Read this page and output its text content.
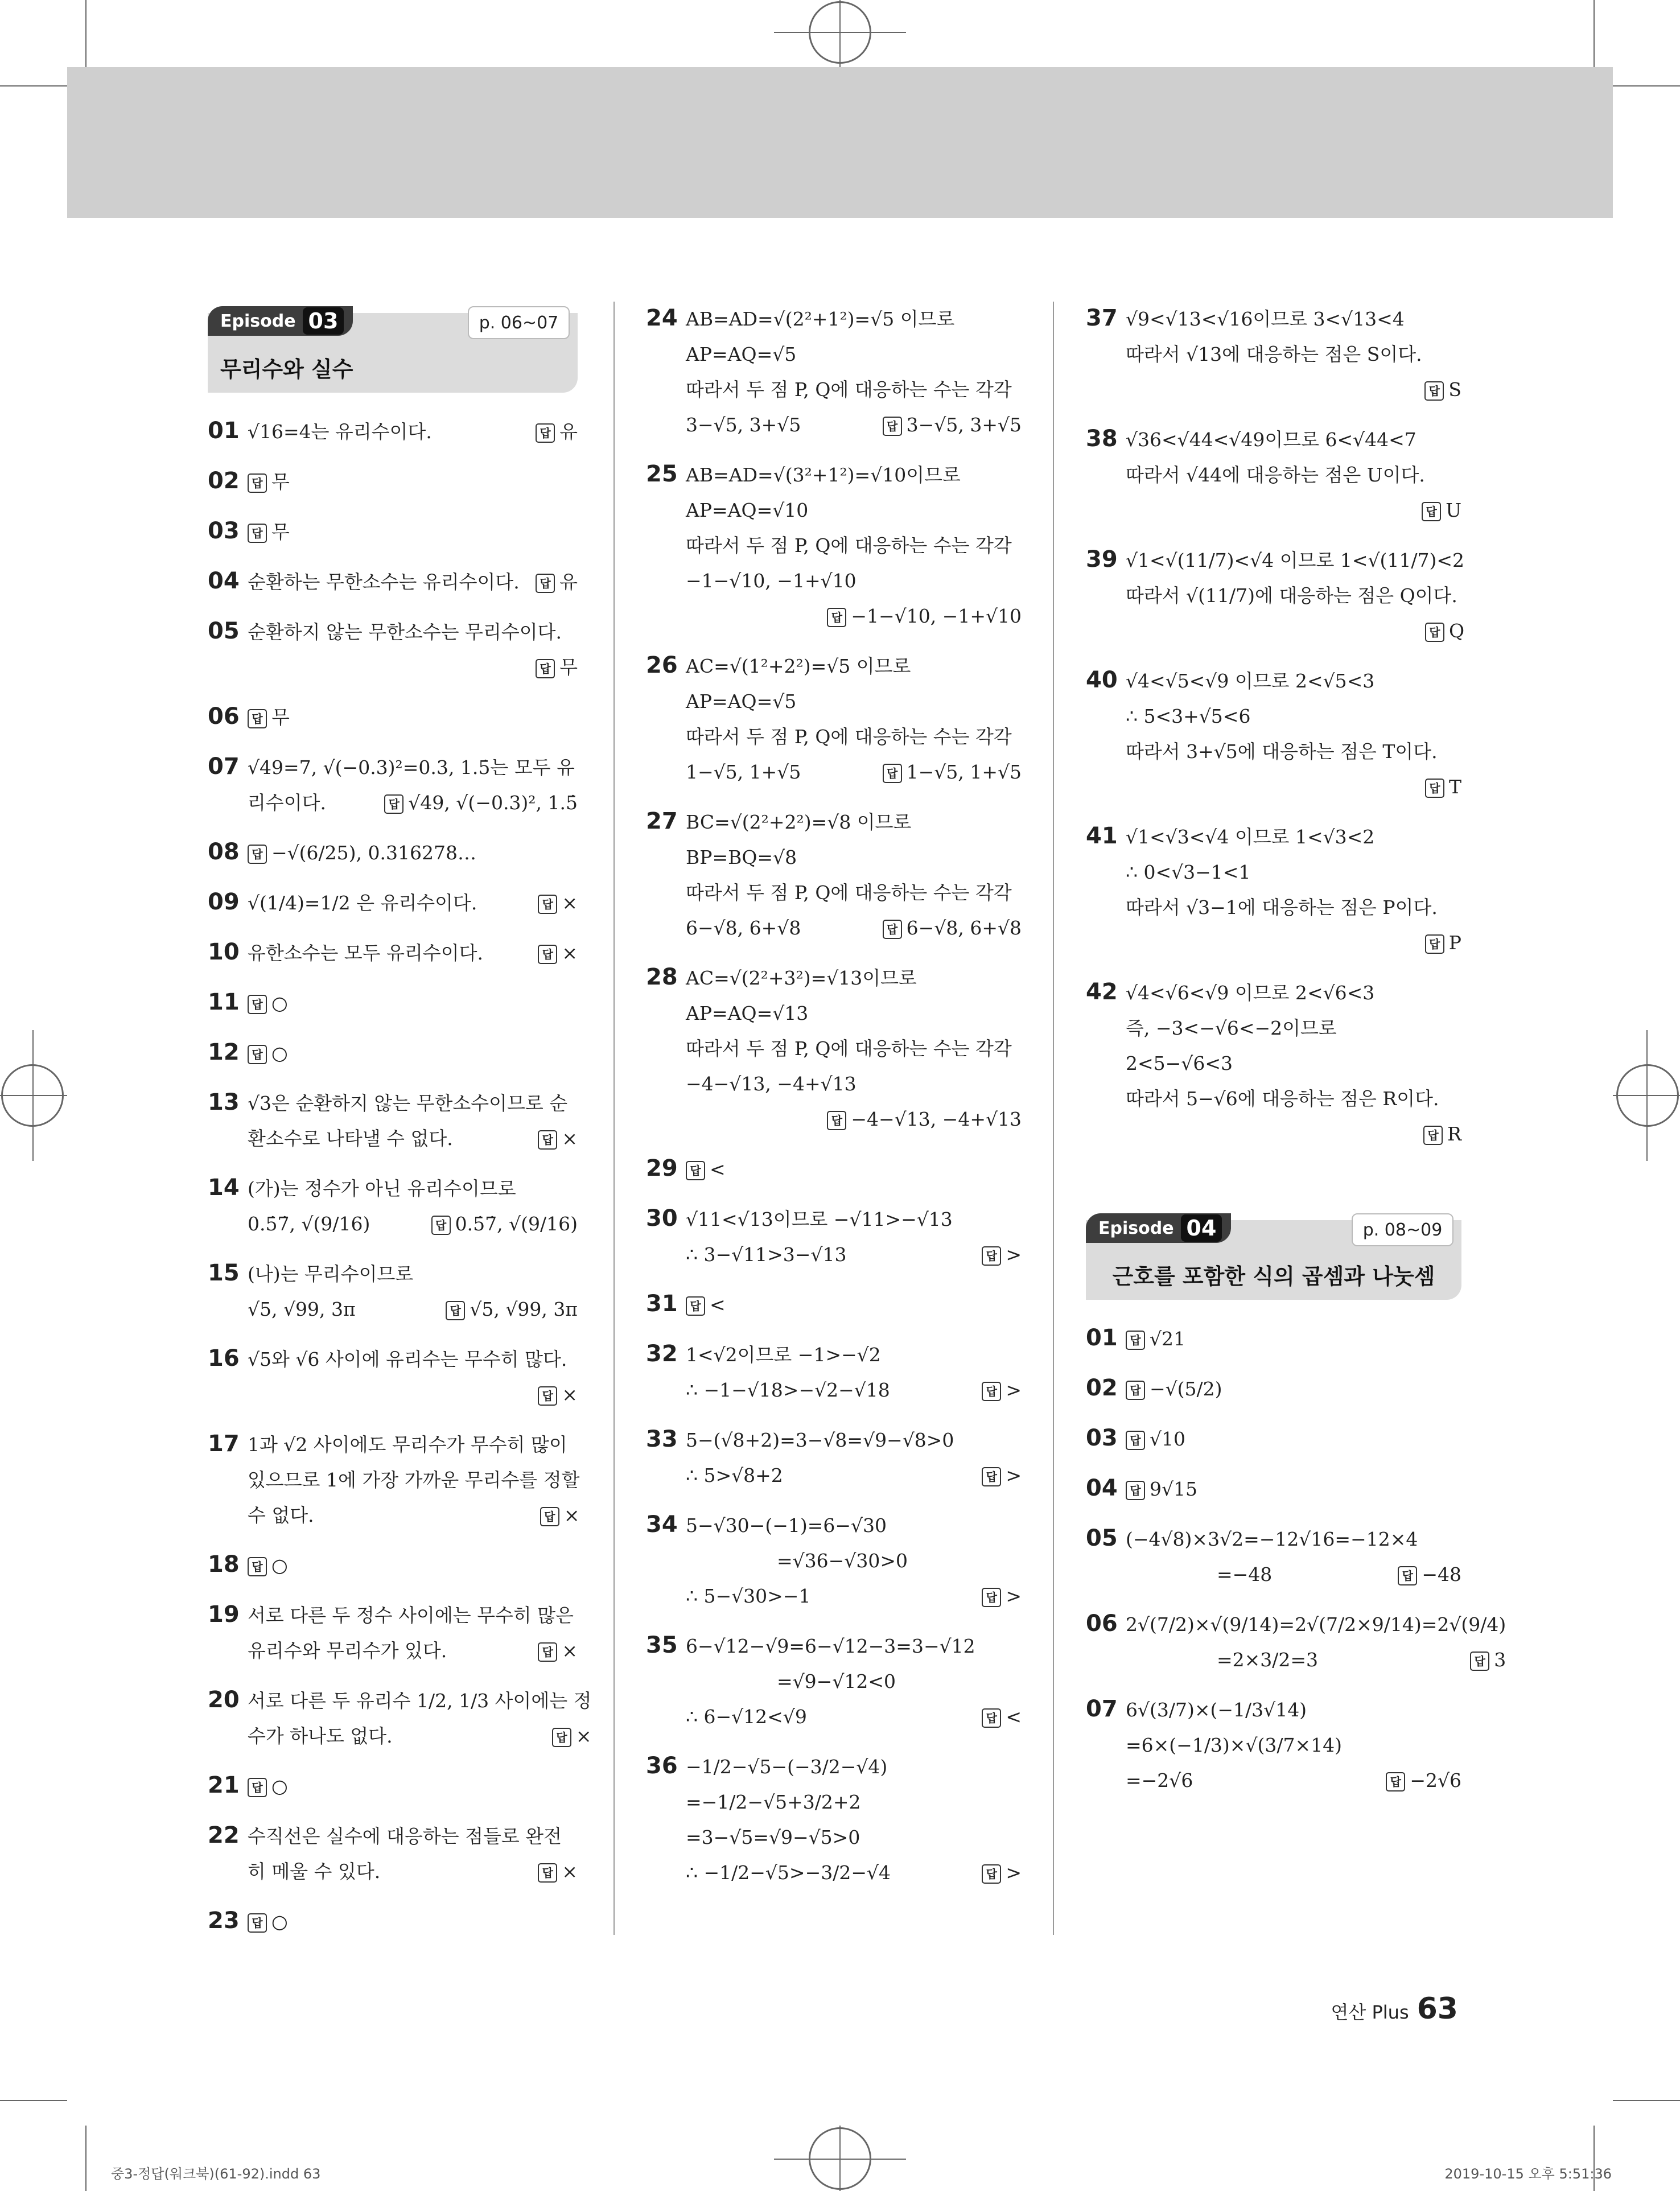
Episode 03	p. 06~07
무리수와 실수
01 √16=4는 유리수이다.	답 유
02	답 무
03	답 무
04 순환하는 무한소수는 유리수이다.	답 유
05 순환하지 않는 무한소수는 무리수이다.
답 무
06	답 무
07 √49=7, √(−0.3)²=0.3, 1.5̇는 모두 유
리수이다.	답 √49, √(−0.3)², 1.5̇
08	답 −√(6/25), 0.316278…
09 √(1/4)=1/2 은 유리수이다.	답 ×
10 유한소수는 모두 유리수이다.	답 ×
11	답 ○
12	답 ○
13 √3은 순환하지 않는 무한소수이므로 순
환소수로 나타낼 수 없다.	답 ×
14 (가)는 정수가 아닌 유리수이므로
0.5̇7̇, √(9/16)	답 0.5̇7̇, √(9/16)
15 (나)는 무리수이므로
√5, √99, 3π	답 √5, √99, 3π
16 √5와 √6 사이에 유리수는 무수히 많다.
답 ×
17 1과 √2 사이에도 무리수가 무수히 많이
있으므로 1에 가장 가까운 무리수를 정할
수 없다.	답 ×
18	답 ○
19 서로 다른 두 정수 사이에는 무수히 많은
유리수와 무리수가 있다.	답 ×
20 서로 다른 두 유리수 1/2, 1/3 사이에는 정
수가 하나도 없다.	답 ×
21	답 ○
22 수직선은 실수에 대응하는 점들로 완전
히 메울 수 있다.	답 ×
23	답 ○
24 AB=AD=√(2²+1²)=√5 이므로
AP=AQ=√5
따라서 두 점 P, Q에 대응하는 수는 각각
3−√5, 3+√5	답 3−√5, 3+√5
25 AB=AD=√(3²+1²)=√10이므로
AP=AQ=√10
따라서 두 점 P, Q에 대응하는 수는 각각
−1−√10, −1+√10
답 −1−√10, −1+√10
26 AC=√(1²+2²)=√5 이므로
AP=AQ=√5
따라서 두 점 P, Q에 대응하는 수는 각각
1−√5, 1+√5	답 1−√5, 1+√5
27 BC=√(2²+2²)=√8 이므로
BP=BQ=√8
따라서 두 점 P, Q에 대응하는 수는 각각
6−√8, 6+√8	답 6−√8, 6+√8
28 AC=√(2²+3²)=√13이므로
AP=AQ=√13
따라서 두 점 P, Q에 대응하는 수는 각각
−4−√13, −4+√13
답 −4−√13, −4+√13
29	답 <
30 √11<√13이므로 −√11>−√13
∴ 3−√11>3−√13	답 >
31	답 <
32 1<√2이므로 −1>−√2
∴ −1−√18>−√2−√18	답 >
33 5−(√8+2)=3−√8=√9−√8>0
∴ 5>√8+2	답 >
34 5−√30−(−1)=6−√30
=√36−√30>0
∴ 5−√30>−1	답 >
35 6−√12−√9=6−√12−3=3−√12
=√9−√12<0
∴ 6−√12<√9	답 <
36 −1/2−√5−(−3/2−√4)
=−1/2−√5+3/2+2
=3−√5=√9−√5>0
∴ −1/2−√5>−3/2−√4	답 >
37 √9<√13<√16이므로 3<√13<4
따라서 √13에 대응하는 점은 S이다.
답 S
38 √36<√44<√49이므로 6<√44<7
따라서 √44에 대응하는 점은 U이다.
답 U
39 √1<√(11/7)<√4 이므로 1<√(11/7)<2
따라서 √(11/7)에 대응하는 점은 Q이다.
답 Q
40 √4<√5<√9 이므로 2<√5<3
∴ 5<3+√5<6
따라서 3+√5에 대응하는 점은 T이다.
답 T
41 √1<√3<√4 이므로 1<√3<2
∴ 0<√3−1<1
따라서 √3−1에 대응하는 점은 P이다.
답 P
42 √4<√6<√9 이므로 2<√6<3
즉, −3<−√6<−2이므로
2<5−√6<3
따라서 5−√6에 대응하는 점은 R이다.
답 R
Episode 04	p. 08~09
근호를 포함한 식의 곱셈과 나눗셈
01	답 √21
02	답 −√(5/2)
03	답 √10
04	답 9√15
05 (−4√8)×3√2=−12√16=−12×4
=−48	답 −48
06 2√(7/2)×√(9/14)=2√(7/2×9/14)=2√(9/4)
=2×3/2=3	답 3
07 6√(3/7)×(−1/3√14)
=6×(−1/3)×√(3/7×14)
=−2√6	답 −2√6
연산 Plus 63
중3-정답(워크북)(61-92).indd 63	2019-10-15 오후 5:51:36
